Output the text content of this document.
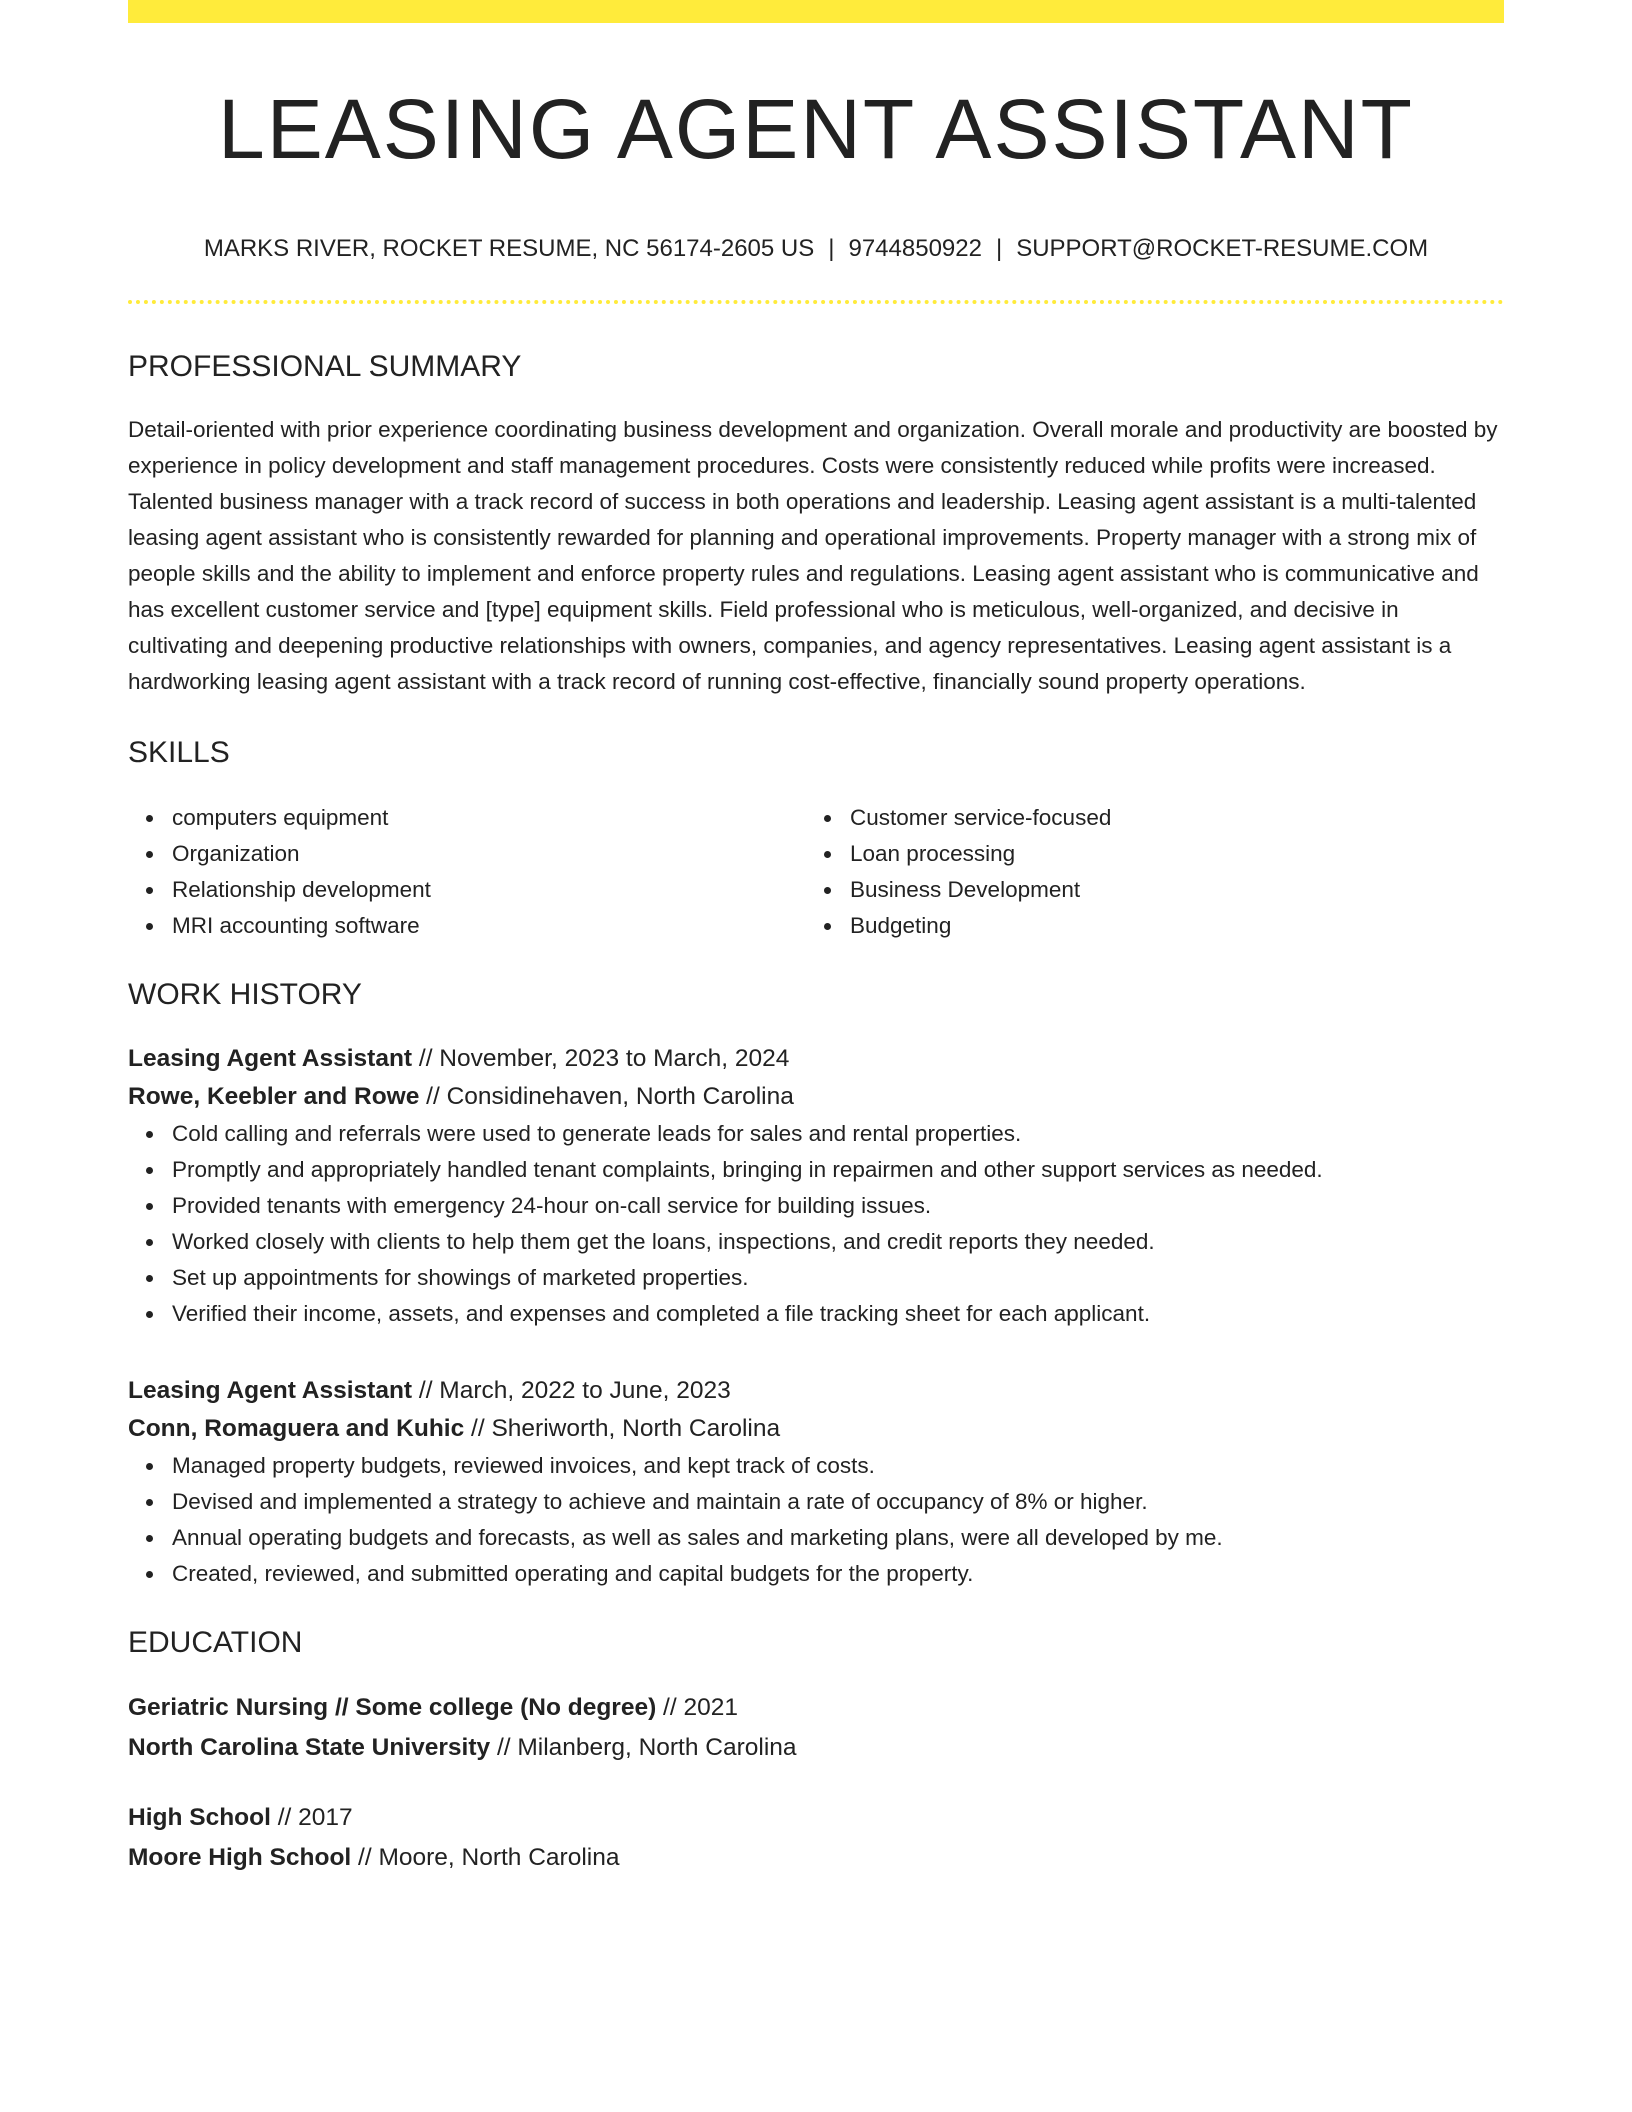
LEASING AGENT ASSISTANT
MARKS RIVER, ROCKET RESUME, NC 56174-2605 US | 9744850922 | SUPPORT@ROCKET-RESUME.COM
PROFESSIONAL SUMMARY
Detail-oriented with prior experience coordinating business development and organization. Overall morale and productivity are boosted by experience in policy development and staff management procedures. Costs were consistently reduced while profits were increased. Talented business manager with a track record of success in both operations and leadership. Leasing agent assistant is a multi-talented leasing agent assistant who is consistently rewarded for planning and operational improvements. Property manager with a strong mix of people skills and the ability to implement and enforce property rules and regulations. Leasing agent assistant who is communicative and has excellent customer service and [type] equipment skills. Field professional who is meticulous, well-organized, and decisive in cultivating and deepening productive relationships with owners, companies, and agency representatives. Leasing agent assistant is a hardworking leasing agent assistant with a track record of running cost-effective, financially sound property operations.
SKILLS
computers equipment
Organization
Relationship development
MRI accounting software
Customer service-focused
Loan processing
Business Development
Budgeting
WORK HISTORY
Leasing Agent Assistant // November, 2023 to March, 2024
Rowe, Keebler and Rowe // Considinehaven, North Carolina
Cold calling and referrals were used to generate leads for sales and rental properties.
Promptly and appropriately handled tenant complaints, bringing in repairmen and other support services as needed.
Provided tenants with emergency 24-hour on-call service for building issues.
Worked closely with clients to help them get the loans, inspections, and credit reports they needed.
Set up appointments for showings of marketed properties.
Verified their income, assets, and expenses and completed a file tracking sheet for each applicant.
Leasing Agent Assistant // March, 2022 to June, 2023
Conn, Romaguera and Kuhic // Sheriworth, North Carolina
Managed property budgets, reviewed invoices, and kept track of costs.
Devised and implemented a strategy to achieve and maintain a rate of occupancy of 8% or higher.
Annual operating budgets and forecasts, as well as sales and marketing plans, were all developed by me.
Created, reviewed, and submitted operating and capital budgets for the property.
EDUCATION
Geriatric Nursing // Some college (No degree) // 2021
North Carolina State University // Milanberg, North Carolina
High School // 2017
Moore High School // Moore, North Carolina
